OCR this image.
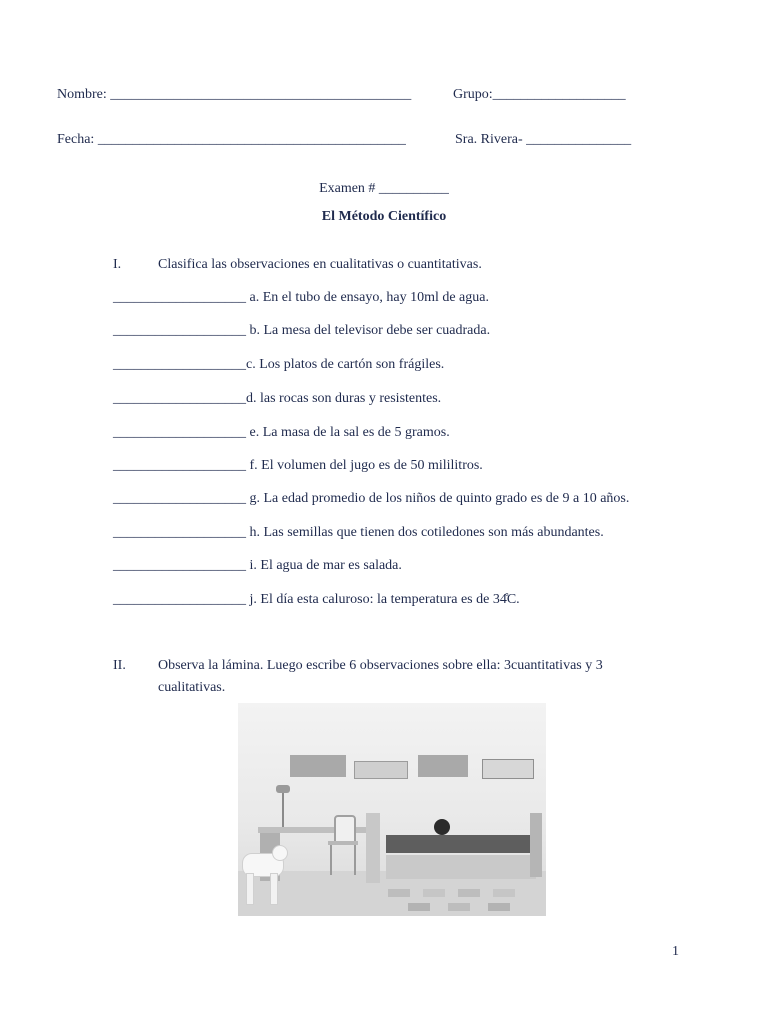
Nombre: ___________________________________________	Grupo:___________________
Fecha: ____________________________________________	Sra. Rivera- _______________
Examen # __________
El Método Científico
I.	Clasifica las observaciones en cualitativas o cuantitativas.
___________________ a. En el tubo de ensayo, hay 10ml de agua.
___________________ b. La mesa del televisor debe ser cuadrada.
___________________c. Los platos de cartón son frágiles.
___________________d. las rocas son duras y resistentes.
___________________ e. La masa de la sal es de 5 gramos.
___________________ f. El volumen del jugo es de 50 mililitros.
___________________ g. La edad promedio de los niños de quinto grado es de 9 a 10 años.
___________________ h. Las semillas que tienen dos cotiledones son más abundantes.
___________________ i. El agua de mar es salada.
___________________ j. El día esta caluroso: la temperatura es de 34̊C.
II. Observa la lámina. Luego escribe 6 observaciones sobre ella: 3cuantitativas y 3
cualitativas.
1
